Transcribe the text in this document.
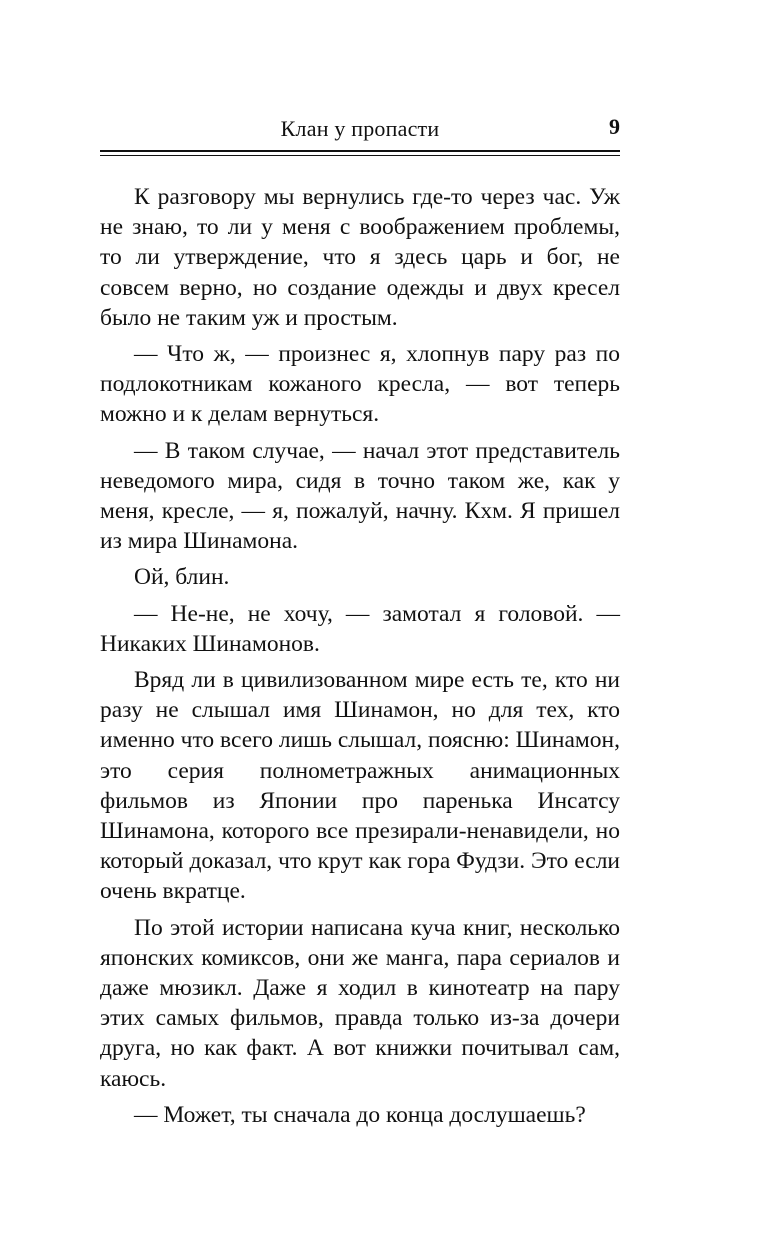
Клан у пропасти	9

К разговору мы вернулись где-то через час. Уж не знаю, то ли у меня с воображением проблемы, то ли утверждение, что я здесь царь и бог, не совсем верно, но создание одежды и двух кресел было не таким уж и простым.

— Что ж, — произнес я, хлопнув пару раз по подлокотникам кожаного кресла, — вот теперь можно и к делам вернуться.

— В таком случае, — начал этот представитель неведомого мира, сидя в точно таком же, как у меня, кресле, — я, пожалуй, начну. Кхм. Я пришел из мира Шинамона.

Ой, блин.

— Не-не, не хочу, — замотал я головой. — Никаких Шинамонов.

Вряд ли в цивилизованном мире есть те, кто ни разу не слышал имя Шинамон, но для тех, кто именно что всего лишь слышал, поясню: Шинамон, это серия полнометражных анимационных фильмов из Японии про паренька Инсатсу Шинамона, которого все презирали-ненавидели, но который доказал, что крут как гора Фудзи. Это если очень вкратце.

По этой истории написана куча книг, несколько японских комиксов, они же манга, пара сериалов и даже мюзикл. Даже я ходил в кинотеатр на пару этих самых фильмов, правда только из-за дочери друга, но как факт. А вот книжки почитывал сам, каюсь.

— Может, ты сначала до конца дослушаешь?
